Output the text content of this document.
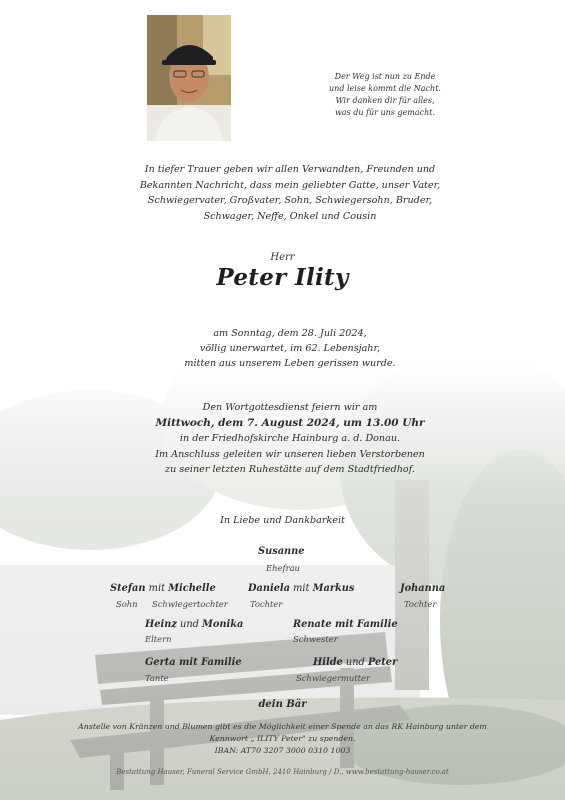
Der Weg ist nun zu Ende
und leise kommt die Nacht.
Wir danken dir für alles,
was du für uns gemacht.
In tiefer Trauer geben wir allen Verwandten, Freunden und
Bekannten Nachricht, dass mein geliebter Gatte, unser Vater,
Schwiegervater, Großvater, Sohn, Schwiegersohn, Bruder,
Schwager, Neffe, Onkel und Cousin
Herr
Peter Ility
am Sonntag, dem 28. Juli 2024,
völlig unerwartet, im 62. Lebensjahr,
mitten aus unserem Leben gerissen wurde.
Den Wortgottesdienst feiern wir am
Mittwoch, dem 7. August 2024, um 13.00 Uhr
in der Friedhofskirche Hainburg a. d. Donau.
Im Anschluss geleiten wir unseren lieben Verstorbenen
zu seiner letzten Ruhestätte auf dem Stadtfriedhof.
In Liebe und Dankbarkeit
Susanne
Ehefrau
Stefan mit Michelle
Sohn Schwiegertochter
Daniela mit Markus
Tochter
Johanna
Tochter
Heinz und Monika
Eltern
Renate mit Familie
Schwester
Gerta mit Familie
Tante
Hilde und Peter
Schwiegermutter
dein Bär
Anstelle von Kränzen und Blumen gibt es die Möglichkeit einer Spende an das RK Hainburg unter dem
Kennwort „ ILITY Peter" zu spenden.
IBAN: AT70 3207 3000 0310 1003
Bestattung Hauser, Funeral Service GmbH, 2410 Hainburg / D., www.bestattung-hauser.co.at
